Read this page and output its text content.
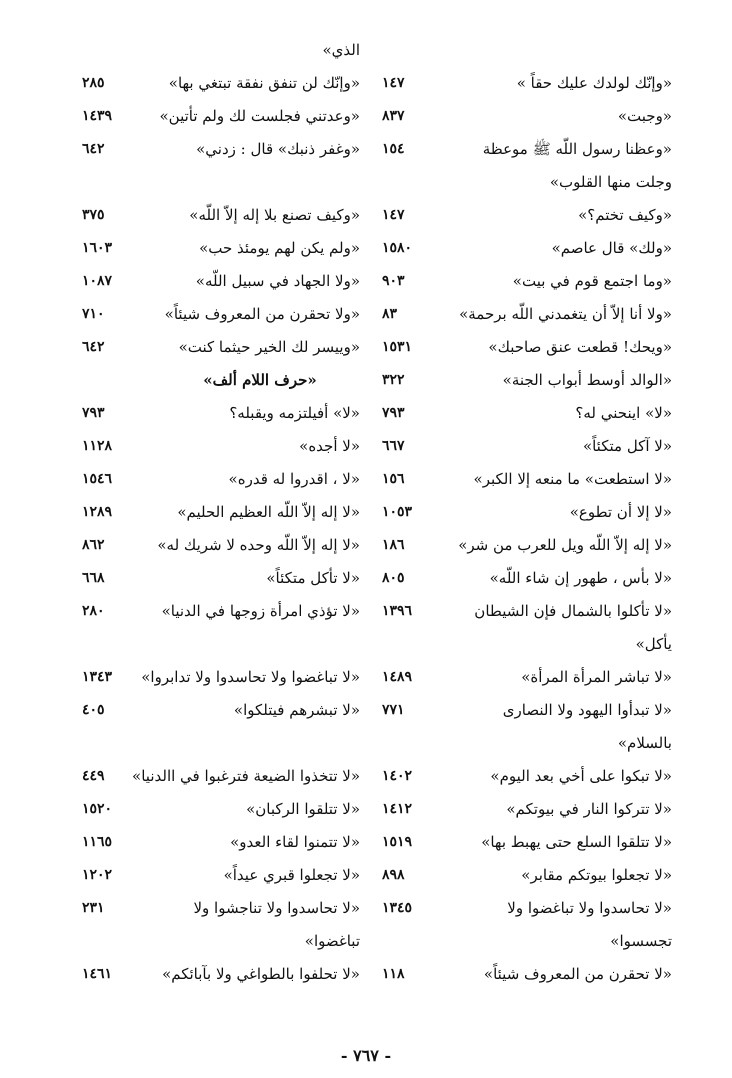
الذي»
«وإنّك لولدك عليك حقاً »
١٤٧
«وإنّك لن تنفق نفقة تبتغي بها»
٢٨٥
«وجبت»
٨٣٧
«وعدتني فجلست لك ولم تأتين»
١٤٣٩
«وعظنا رسول اللّه ﷺ موعظة
١٥٤
«وغفر ذنبك» قال : زدني»
٦٤٢
وجلت منها القلوب»
«وكيف تختم؟»
١٤٧
«وكيف تصنع بلا إله إلاّ اللّه»
٣٧٥
«ولك» قال عاصم»
١٥٨٠
«ولم يكن لهم يومئذ حب»
١٦٠٣
«وما اجتمع قوم في بيت»
٩٠٣
«ولا الجهاد في سبيل اللّه»
١٠٨٧
«ولا أنا إلاّ أن يتغمدني اللّه برحمة»
٨٣
«ولا تحقرن من المعروف شيئاً»
٧١٠
«ويحك! قطعت عنق صاحبك»
١٥٣١
«وييسر لك الخير حيثما كنت»
٦٤٢
«الوالد أوسط أبواب الجنة»
٣٢٢
«حرف اللام ألف»
«لا» اينحني له؟
٧٩٣
«لا» أفيلتزمه ويقبله؟
٧٩٣
«لا آكل متكئاً»
٦٦٧
«لا أجده»
١١٢٨
«لا استطعت» ما منعه إلا الكبر»
١٥٦
«لا ، اقدروا له قدره»
١٥٤٦
«لا إلا أن تطوع»
١٠٥٣
«لا إله إلاّ اللّه العظيم الحليم»
١٢٨٩
«لا إله إلاّ اللّه ويل للعرب من شر»
١٨٦
«لا إله إلاّ اللّه وحده لا شريك له»
٨٦٢
«لا بأس ، طهور إن شاء اللّه»
٨٠٥
«لا تأكل متكئاً»
٦٦٨
«لا تأكلوا بالشمال فإن الشيطان
١٣٩٦
«لا تؤذي امرأة زوجها في الدنيا»
٢٨٠
يأكل»
«لا تباشر المرأة المرأة»
١٤٨٩
«لا تباغضوا ولا تحاسدوا ولا تدابروا»
١٣٤٣
«لا تبدأوا اليهود ولا النصارى
٧٧١
«لا تبشرهم فيتلكوا»
٤٠٥
بالسلام»
«لا تبكوا على أخي بعد اليوم»
١٤٠٢
«لا تتخذوا الضيعة فترغبوا في االدنيا»
٤٤٩
«لا تتركوا النار في بيوتكم»
١٤١٢
«لا تتلقوا الركبان»
١٥٢٠
«لا تتلقوا السلع حتى يهبط بها»
١٥١٩
«لا تتمنوا لقاء العدو»
١١٦٥
«لا تجعلوا بيوتكم مقابر»
٨٩٨
«لا تجعلوا قبري عيداً»
١٢٠٢
«لا تحاسدوا ولا تباغضوا ولا
١٣٤٥
«لا تحاسدوا ولا تناجشوا ولا
٢٣١
تجسسوا»
تباغضوا»
«لا تحقرن من المعروف شيئاً»
١١٨
«لا تحلفوا بالطواغي ولا بآبائكم»
١٤٦١
- ٧٦٧ -
